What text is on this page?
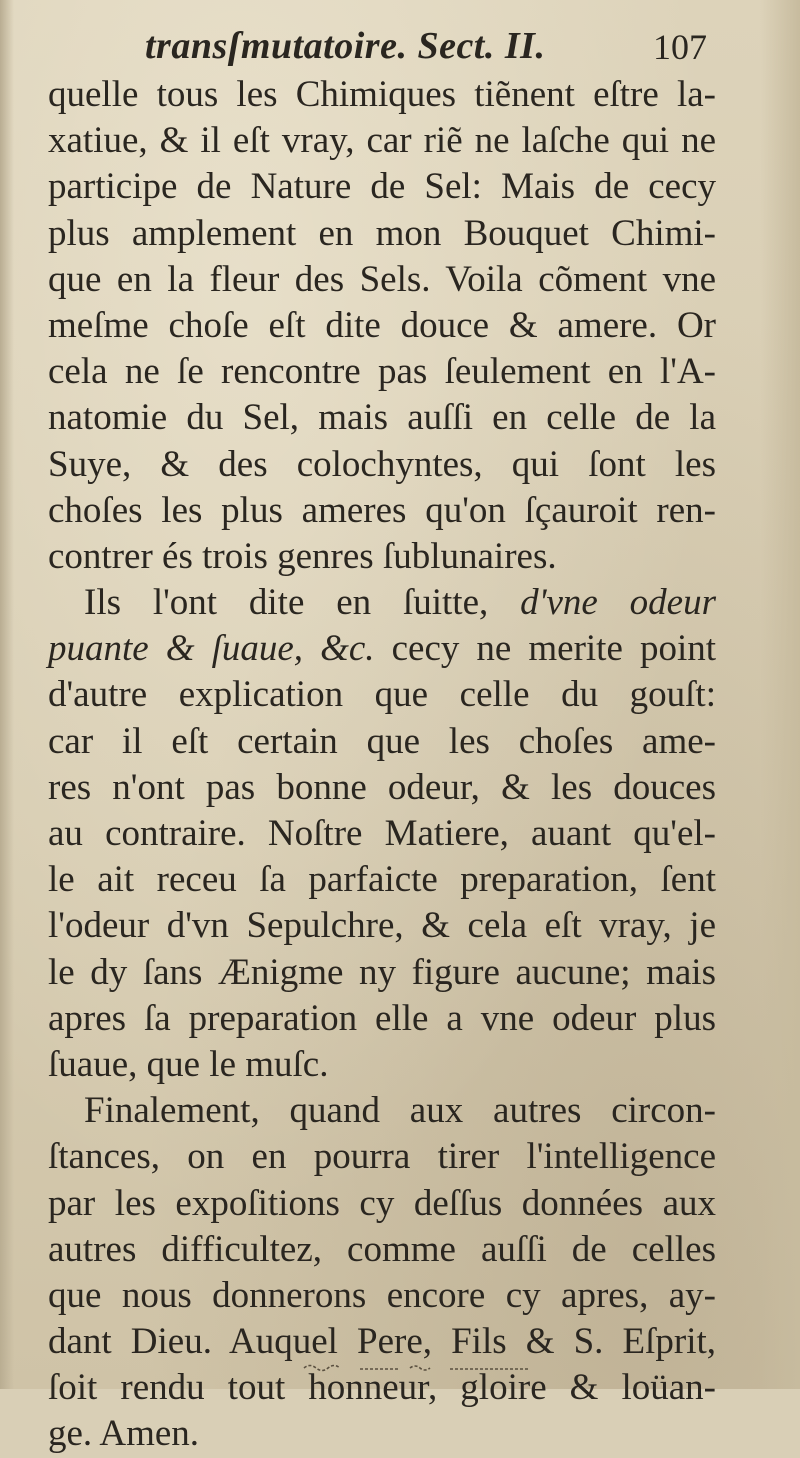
transſmutatoire. Sect. II.	107
quelle tous les Chimiques tiẽnent eſtre la-
xatiue, & il eſt vray, car riẽ ne laſche qui ne
participe de Nature de Sel: Mais de cecy
plus amplement en mon Bouquet Chimi-
que en la fleur des Sels. Voila cõment vne
meſme choſe eſt dite douce & amere. Or
cela ne ſe rencontre pas ſeulement en l'A-
natomie du Sel, mais auſſi en celle de la
Suye, & des colochyntes, qui ſont les
choſes les plus ameres qu'on ſçauroit ren-
contrer és trois genres ſublunaires.
Ils l'ont dite en ſuitte, d'vne odeur
puante & ſuaue, &c. cecy ne merite point
d'autre explication que celle du gouſt:
car il eſt certain que les choſes ame-
res n'ont pas bonne odeur, & les douces
au contraire. Noſtre Matiere, auant qu'el-
le ait receu ſa parfaicte preparation, ſent
l'odeur d'vn Sepulchre, & cela eſt vray, je
le dy ſans Ænigme ny figure aucune; mais
apres ſa preparation elle a vne odeur plus
ſuaue, que le muſc.
Finalement, quand aux autres circon-
ſtances, on en pourra tirer l'intelligence
par les expoſitions cy deſſus données aux
autres difficultez, comme auſſi de celles
que nous donnerons encore cy apres, ay-
dant Dieu. Auquel Pere, Fils & S. Eſprit,
ſoit rendu tout honneur, gloire & loüan-
ge. Amen.
